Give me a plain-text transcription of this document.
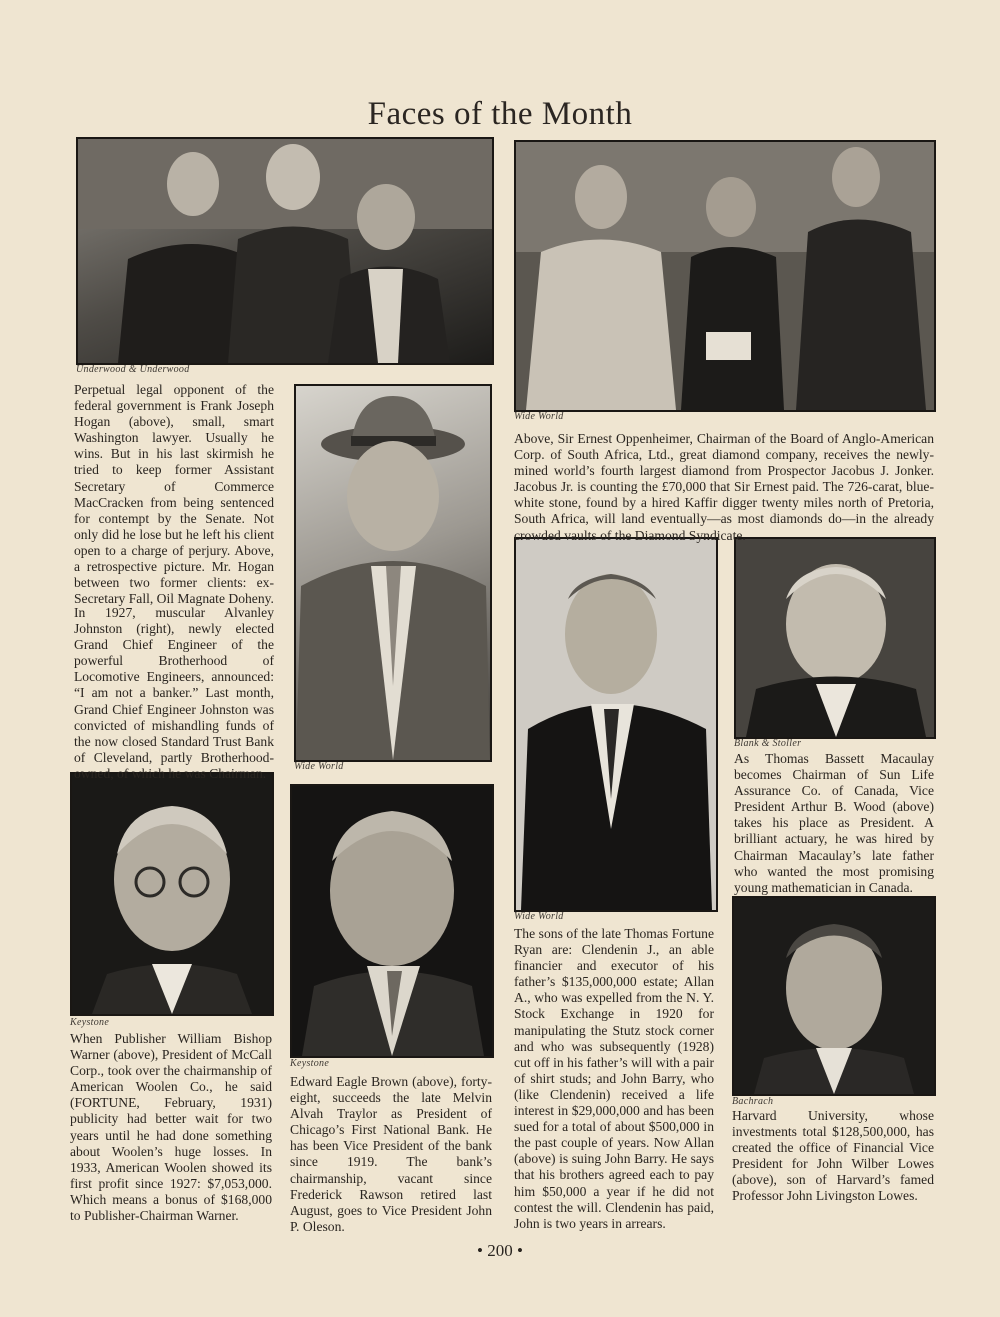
Faces of the Month
Underwood & Underwood
Wide World
Wide World
Wide World
Blank & Stoller
Keystone
Keystone
Bachrach

Perpetual legal opponent of the federal government is Frank Joseph Hogan (above), small, smart Washington lawyer. Usually he wins. But in his last skirmish he tried to keep former Assistant Secretary of Commerce MacCracken from being sentenced for contempt by the Senate. Not only did he lose but he left his client open to a charge of perjury. Above, a retrospective picture. Mr. Hogan between two former clients: ex-Secretary Fall, Oil Magnate Doheny.

In 1927, muscular Alvanley Johnston (right), newly elected Grand Chief Engineer of the powerful Brotherhood of Locomotive Engineers, announced: “I am not a banker.” Last month, Grand Chief Engineer Johnston was convicted of mishandling funds of the now closed Standard Trust Bank of Cleveland, partly Brotherhood-owned, of which he was Chairman.

Above, Sir Ernest Oppenheimer, Chairman of the Board of Anglo-American Corp. of South Africa, Ltd., great diamond company, receives the newly-mined world’s fourth largest diamond from Prospector Jacobus J. Jonker. Jacobus Jr. is counting the £70,000 that Sir Ernest paid. The 726-carat, blue-white stone, found by a hired Kaffir digger twenty miles north of Pretoria, South Africa, will land eventually—as most diamonds do—in the already crowded vaults of the Diamond Syndicate.

As Thomas Bassett Macaulay becomes Chairman of Sun Life Assurance Co. of Canada, Vice President Arthur B. Wood (above) takes his place as President. A brilliant actuary, he was hired by Chairman Macaulay’s late father who wanted the most promising young mathematician in Canada.

When Publisher William Bishop Warner (above), President of McCall Corp., took over the chairmanship of American Woolen Co., he said (FORTUNE, February, 1931) publicity had better wait for two years until he had done something about Woolen’s huge losses. In 1933, American Woolen showed its first profit since 1927: $7,053,000. Which means a bonus of $168,000 to Publisher-Chairman Warner.

Edward Eagle Brown (above), forty-eight, succeeds the late Melvin Alvah Traylor as President of Chicago’s First National Bank. He has been Vice President of the bank since 1919. The bank’s chairmanship, vacant since Frederick Rawson retired last August, goes to Vice President John P. Oleson.

The sons of the late Thomas Fortune Ryan are: Clendenin J., an able financier and executor of his father’s $135,000,000 estate; Allan A., who was expelled from the N. Y. Stock Exchange in 1920 for manipulating the Stutz stock corner and who was subsequently (1928) cut off in his father’s will with a pair of shirt studs; and John Barry, who (like Clendenin) received a life interest in $29,000,000 and has been sued for a total of about $500,000 in the past couple of years. Now Allan (above) is suing John Barry. He says that his brothers agreed each to pay him $50,000 a year if he did not contest the will. Clendenin has paid, John is two years in arrears.

Harvard University, whose investments total $128,500,000, has created the office of Financial Vice President for John Wilber Lowes (above), son of Harvard’s famed Professor John Livingston Lowes.

• 200 •
